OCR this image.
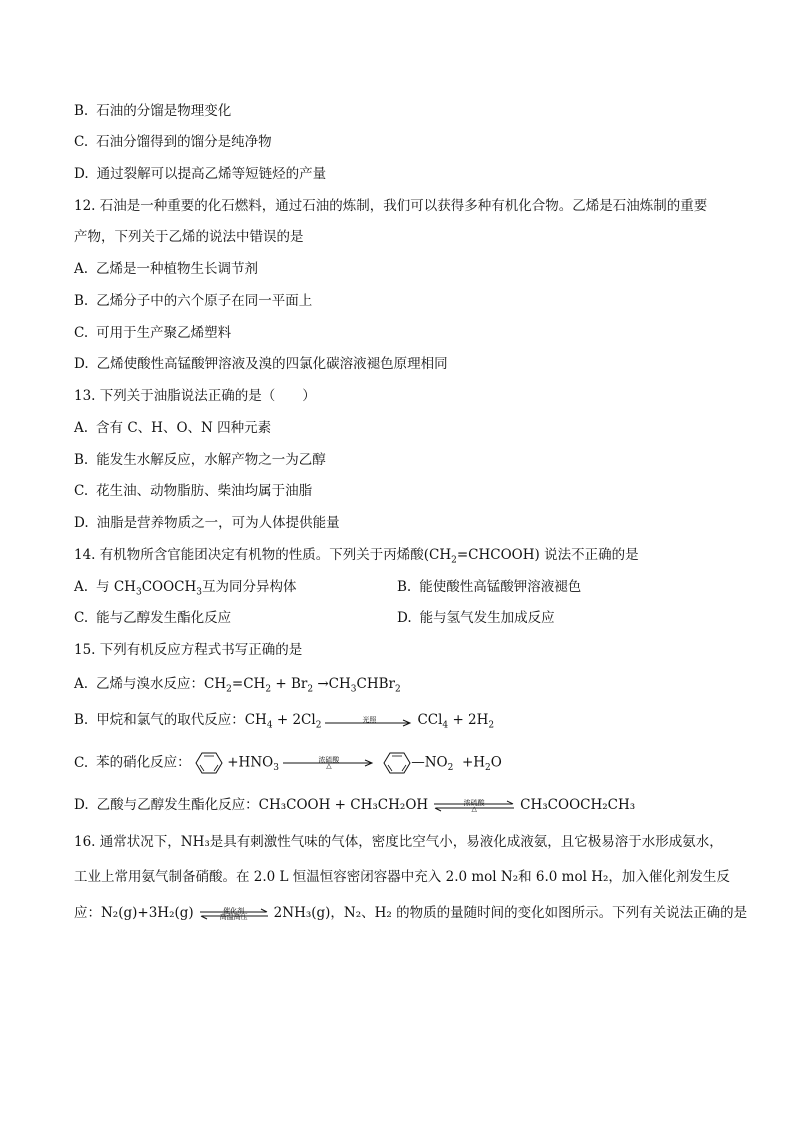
B. 石油的分馏是物理变化
C. 石油分馏得到的馏分是纯净物
D. 通过裂解可以提高乙烯等短链烃的产量
12. 石油是一种重要的化石燃料，通过石油的炼制，我们可以获得多种有机化合物。乙烯是石油炼制的重要
产物，下列关于乙烯的说法中错误的是
A. 乙烯是一种植物生长调节剂
B. 乙烯分子中的六个原子在同一平面上
C. 可用于生产聚乙烯塑料
D. 乙烯使酸性高锰酸钾溶液及溴的四氯化碳溶液褪色原理相同
13. 下列关于油脂说法正确的是（　　）
A. 含有 C、H、O、N 四种元素
B. 能发生水解反应，水解产物之一为乙醇
C. 花生油、动物脂肪、柴油均属于油脂
D. 油脂是营养物质之一，可为人体提供能量
14. 有机物所含官能团决定有机物的性质。下列关于丙烯酸$(CH_2=CHCOOH)$ 说法不正确的是
A. 与 $CH_3COOCH_3$互为同分异构体	B. 能使酸性高锰酸钾溶液褪色
C. 能与乙醇发生酯化反应	D. 能与氢气发生加成反应
15. 下列有机反应方程式书写正确的是
A. 乙烯与溴水反应：$CH_2=CH_2 + Br_2$ $\to CH_3CHBr_2$
B. 甲烷和氯气的取代反应：$CH_4 + 2Cl_2$
光照	$CCl_4 + 2H_2$
C. 苯的硝化反应：	$+HNO_3$
浓硫酸
△	$—NO_2 +H_2O$
D. 乙酸与乙醇发生酯化反应：CH₃COOH + CH₃CH₂OH	浓硫酸
△	CH₃COOCH₂CH₃
16. 通常状况下，NH₃是具有刺激性气味的气体，密度比空气小，易液化成液氨，且它极易溶于水形成氨水，
工业上常用氨气制备硝酸。在 2.0 L 恒温恒容密闭容器中充入 2.0 mol N₂和 6.0 mol H₂，加入催化剂发生反
应：N₂(g)+3H₂(g)	催化剂
高温高压	2NH₃(g)，N₂、H₂ 的物质的量随时间的变化如图所示。下列有关说法正确的是
